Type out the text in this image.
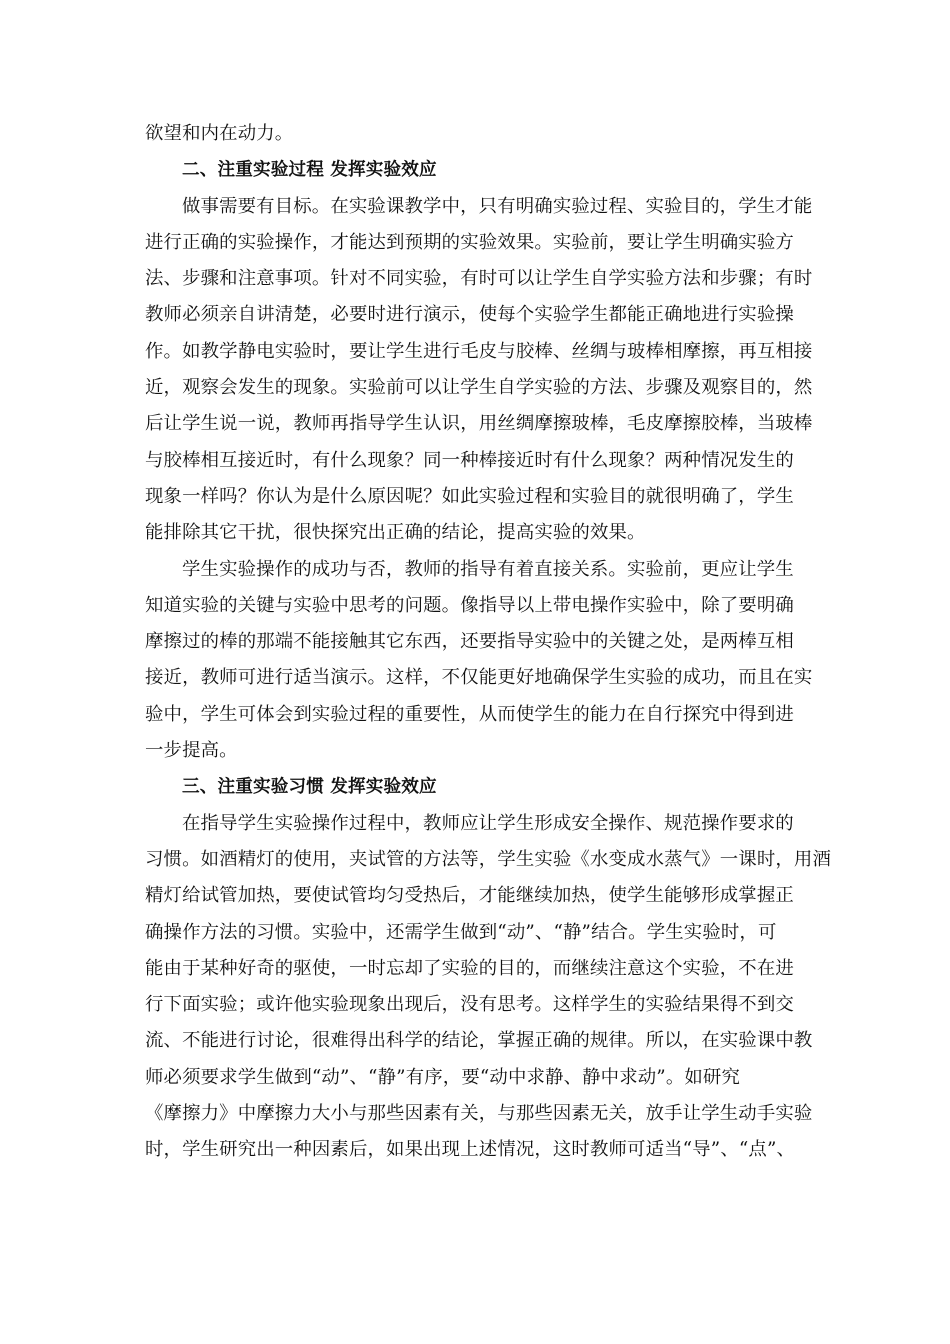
欲望和内在动力。
二、注重实验过程 发挥实验效应
做事需要有目标。在实验课教学中，只有明确实验过程、实验目的，学生才能
进行正确的实验操作，才能达到预期的实验效果。实验前，要让学生明确实验方
法、步骤和注意事项。针对不同实验，有时可以让学生自学实验方法和步骤；有时
教师必须亲自讲清楚，必要时进行演示，使每个实验学生都能正确地进行实验操
作。如教学静电实验时，要让学生进行毛皮与胶棒、丝绸与玻棒相摩擦，再互相接
近，观察会发生的现象。实验前可以让学生自学实验的方法、步骤及观察目的，然
后让学生说一说，教师再指导学生认识，用丝绸摩擦玻棒，毛皮摩擦胶棒，当玻棒
与胶棒相互接近时，有什么现象？同一种棒接近时有什么现象？两种情况发生的
现象一样吗？你认为是什么原因呢？如此实验过程和实验目的就很明确了，学生
能排除其它干扰，很快探究出正确的结论，提高实验的效果。
学生实验操作的成功与否，教师的指导有着直接关系。实验前，更应让学生
知道实验的关键与实验中思考的问题。像指导以上带电操作实验中，除了要明确
摩擦过的棒的那端不能接触其它东西，还要指导实验中的关键之处，是两棒互相
接近，教师可进行适当演示。这样，不仅能更好地确保学生实验的成功，而且在实
验中，学生可体会到实验过程的重要性，从而使学生的能力在自行探究中得到进
一步提高。
三、注重实验习惯 发挥实验效应
在指导学生实验操作过程中，教师应让学生形成安全操作、规范操作要求的
习惯。如酒精灯的使用，夹试管的方法等，学生实验《水变成水蒸气》一课时，用酒
精灯给试管加热，要使试管均匀受热后，才能继续加热，使学生能够形成掌握正
确操作方法的习惯。实验中，还需学生做到“动”、“静”结合。学生实验时，可
能由于某种好奇的驱使，一时忘却了实验的目的，而继续注意这个实验，不在进
行下面实验；或许他实验现象出现后，没有思考。这样学生的实验结果得不到交
流、不能进行讨论，很难得出科学的结论，掌握正确的规律。所以，在实验课中教
师必须要求学生做到“动”、“静”有序，要“动中求静、静中求动”。如研究
《摩擦力》中摩擦力大小与那些因素有关，与那些因素无关，放手让学生动手实验
时，学生研究出一种因素后，如果出现上述情况，这时教师可适当“导”、“点”、
